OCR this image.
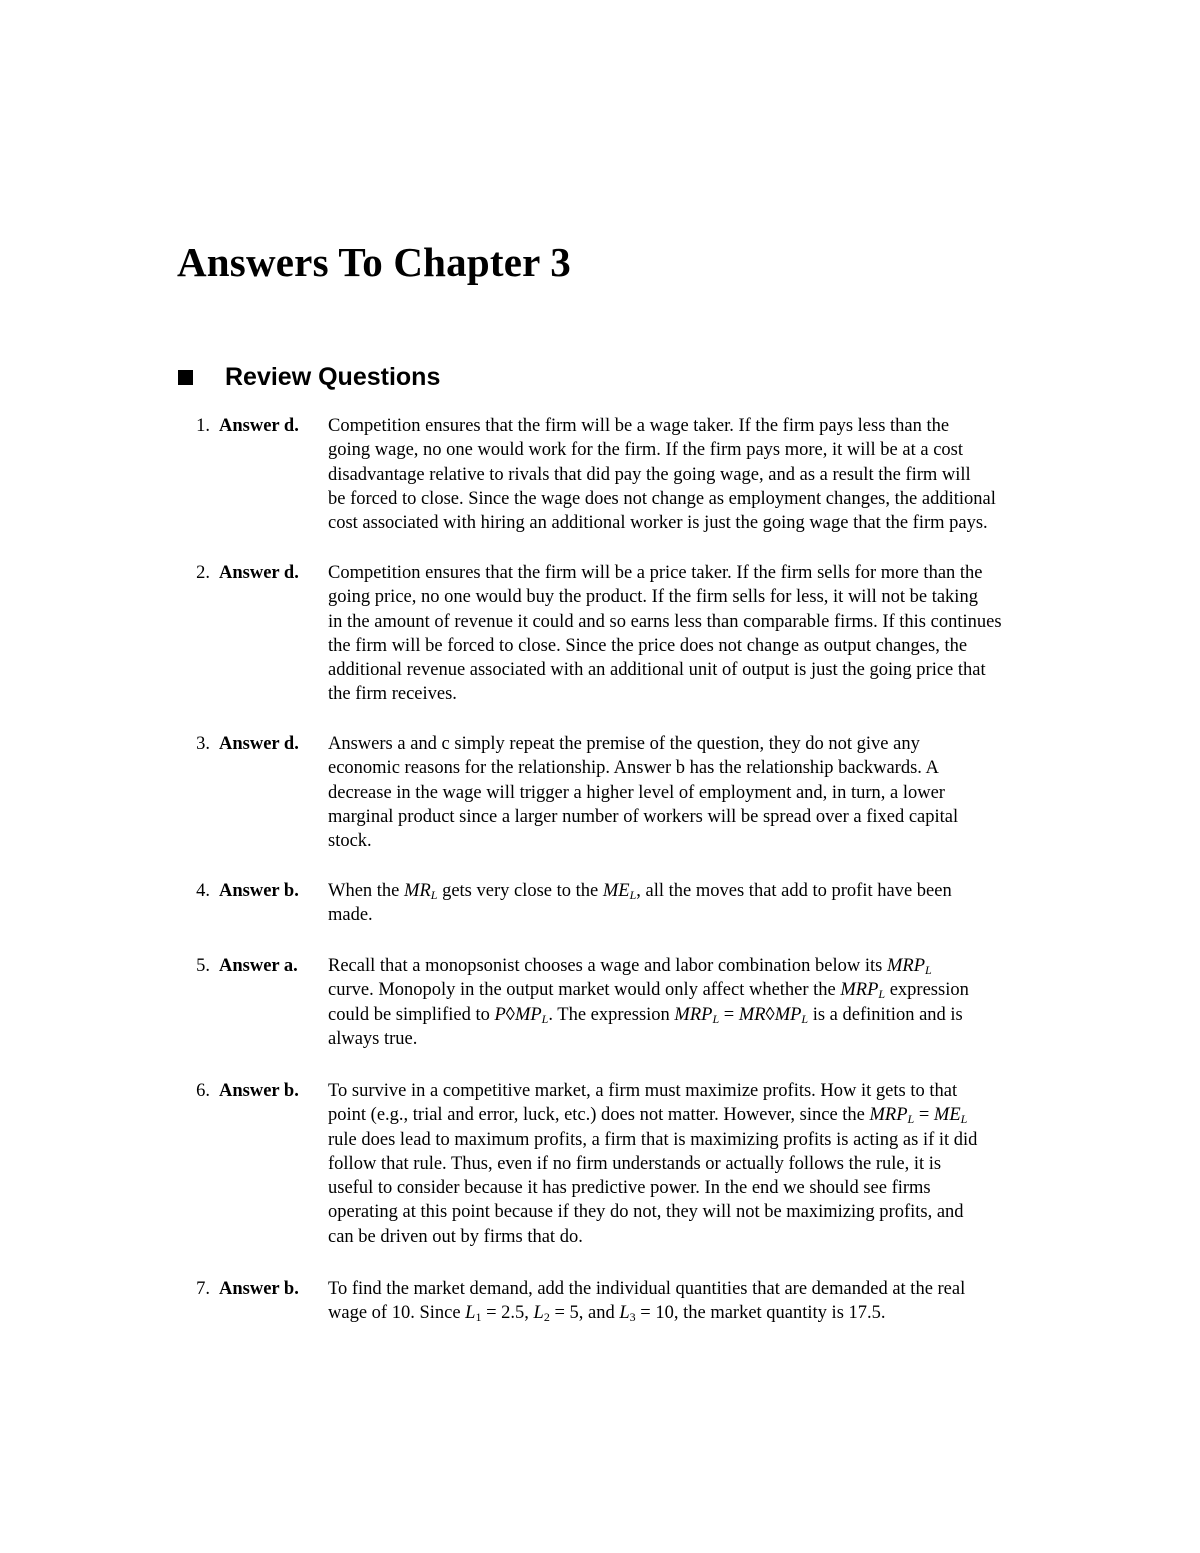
Answers To Chapter 3
Review Questions
1. Answer d. Competition ensures that the firm will be a wage taker. If the firm pays less than the
going wage, no one would work for the firm. If the firm pays more, it will be at a cost
disadvantage relative to rivals that did pay the going wage, and as a result the firm will
be forced to close. Since the wage does not change as employment changes, the additional
cost associated with hiring an additional worker is just the going wage that the firm pays.
2. Answer d. Competition ensures that the firm will be a price taker. If the firm sells for more than the
going price, no one would buy the product. If the firm sells for less, it will not be taking
in the amount of revenue it could and so earns less than comparable firms. If this continues
the firm will be forced to close. Since the price does not change as output changes, the
additional revenue associated with an additional unit of output is just the going price that
the firm receives.
3. Answer d. Answers a and c simply repeat the premise of the question, they do not give any
economic reasons for the relationship. Answer b has the relationship backwards. A
decrease in the wage will trigger a higher level of employment and, in turn, a lower
marginal product since a larger number of workers will be spread over a fixed capital
stock.
4. Answer b. When the $MR_L$ gets very close to the $ME_L$, all the moves that add to profit have been
made.
5. Answer a. Recall that a monopsonist chooses a wage and labor combination below its $MRP_L$
curve. Monopoly in the output market would only affect whether the $MRP_L$ expression
could be simplified to $P◊MP_L$. The expression $MRP_L$ = $MR◊MP_L$ is a definition and is
always true.
6. Answer b. To survive in a competitive market, a firm must maximize profits. How it gets to that
point (e.g., trial and error, luck, etc.) does not matter. However, since the $MRP_L = ME_L$
rule does lead to maximum profits, a firm that is maximizing profits is acting as if it did
follow that rule. Thus, even if no firm understands or actually follows the rule, it is
useful to consider because it has predictive power. In the end we should see firms
operating at this point because if they do not, they will not be maximizing profits, and
can be driven out by firms that do.
7. Answer b. To find the market demand, add the individual quantities that are demanded at the real
wage of 10. Since $L_1 = 2.5$, $L_2 = 5$, and $L_3 = 10$, the market quantity is 17.5.
